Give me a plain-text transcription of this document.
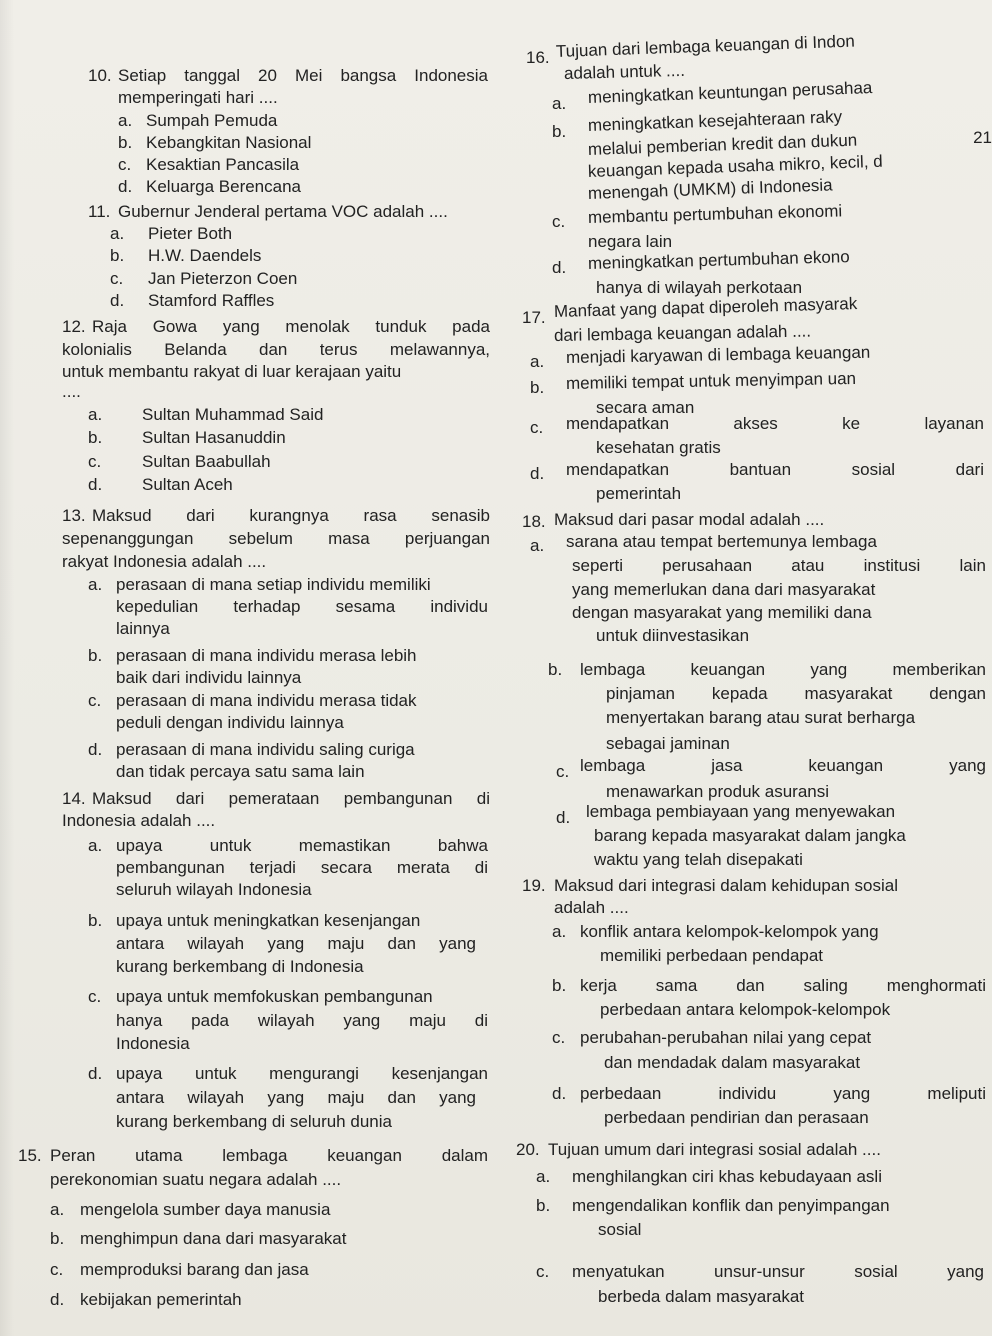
10. Setiap tanggal 20 Mei bangsa Indonesia
memperingati hari ....
a. Sumpah Pemuda
b. Kebangkitan Nasional
c. Kesaktian Pancasila
d. Keluarga Berencana
11. Gubernur Jenderal pertama VOC adalah ....
a. Pieter Both
b. H.W. Daendels
c. Jan Pieterzon Coen
d. Stamford Raffles
12. Raja Gowa yang menolak tunduk pada
kolonialis Belanda dan terus melawannya,
untuk membantu rakyat di luar kerajaan yaitu
....
a. Sultan Muhammad Said
b. Sultan Hasanuddin
c. Sultan Baabullah
d. Sultan Aceh
13. Maksud dari kurangnya rasa senasib
sepenanggungan sebelum masa perjuangan
rakyat Indonesia adalah ....
a. perasaan di mana setiap individu memiliki
kepedulian terhadap sesama individu
lainnya
b. perasaan di mana individu merasa lebih
baik dari individu lainnya
c. perasaan di mana individu merasa tidak
peduli dengan individu lainnya
d. perasaan di mana individu saling curiga
dan tidak percaya satu sama lain
14. Maksud dari pemerataan pembangunan di
Indonesia adalah ....
a. upaya untuk memastikan bahwa
pembangunan terjadi secara merata di
seluruh wilayah Indonesia
b. upaya untuk meningkatkan kesenjangan
antara wilayah yang maju dan yang
kurang berkembang di Indonesia
c. upaya untuk memfokuskan pembangunan
hanya pada wilayah yang maju di
Indonesia
d. upaya untuk mengurangi kesenjangan
antara wilayah yang maju dan yang
kurang berkembang di seluruh dunia
15. Peran utama lembaga keuangan dalam
perekonomian suatu negara adalah ....
a. mengelola sumber daya manusia
b. menghimpun dana dari masyarakat
c. memproduksi barang dan jasa
d. kebijakan pemerintah
16. Tujuan dari lembaga keuangan di Indon
adalah untuk ....
a. meningkatkan keuntungan perusahaa
b. meningkatkan kesejahteraan raky
melalui pemberian kredit dan dukun
keuangan kepada usaha mikro, kecil, d
menengah (UMKM) di Indonesia
c. membantu pertumbuhan ekonomi
negara lain
d. meningkatkan pertumbuhan ekono
hanya di wilayah perkotaan
17. Manfaat yang dapat diperoleh masyarak
dari lembaga keuangan adalah ....
a. menjadi karyawan di lembaga keuangan
b. memiliki tempat untuk menyimpan uan
secara aman
c. mendapatkan akses ke layanan
kesehatan gratis
d. mendapatkan bantuan sosial dari
pemerintah
18. Maksud dari pasar modal adalah ....
a. sarana atau tempat bertemunya lembaga
seperti perusahaan atau institusi lain
yang memerlukan dana dari masyarakat
dengan masyarakat yang memiliki dana
untuk diinvestasikan
b. lembaga keuangan yang memberikan
pinjaman kepada masyarakat dengan
menyertakan barang atau surat berharga
sebagai jaminan
c. lembaga jasa keuangan yang
menawarkan produk asuransi
d. lembaga pembiayaan yang menyewakan
barang kepada masyarakat dalam jangka
waktu yang telah disepakati
19. Maksud dari integrasi dalam kehidupan sosial
adalah ....
a. konflik antara kelompok-kelompok yang
memiliki perbedaan pendapat
b. kerja sama dan saling menghormati
perbedaan antara kelompok-kelompok
c. perubahan-perubahan nilai yang cepat
dan mendadak dalam masyarakat
d. perbedaan individu yang meliputi
perbedaan pendirian dan perasaan
20. Tujuan umum dari integrasi sosial adalah ....
a. menghilangkan ciri khas kebudayaan asli
b. mengendalikan konflik dan penyimpangan
sosial
c. menyatukan unsur-unsur sosial yang
berbeda dalam masyarakat
21
